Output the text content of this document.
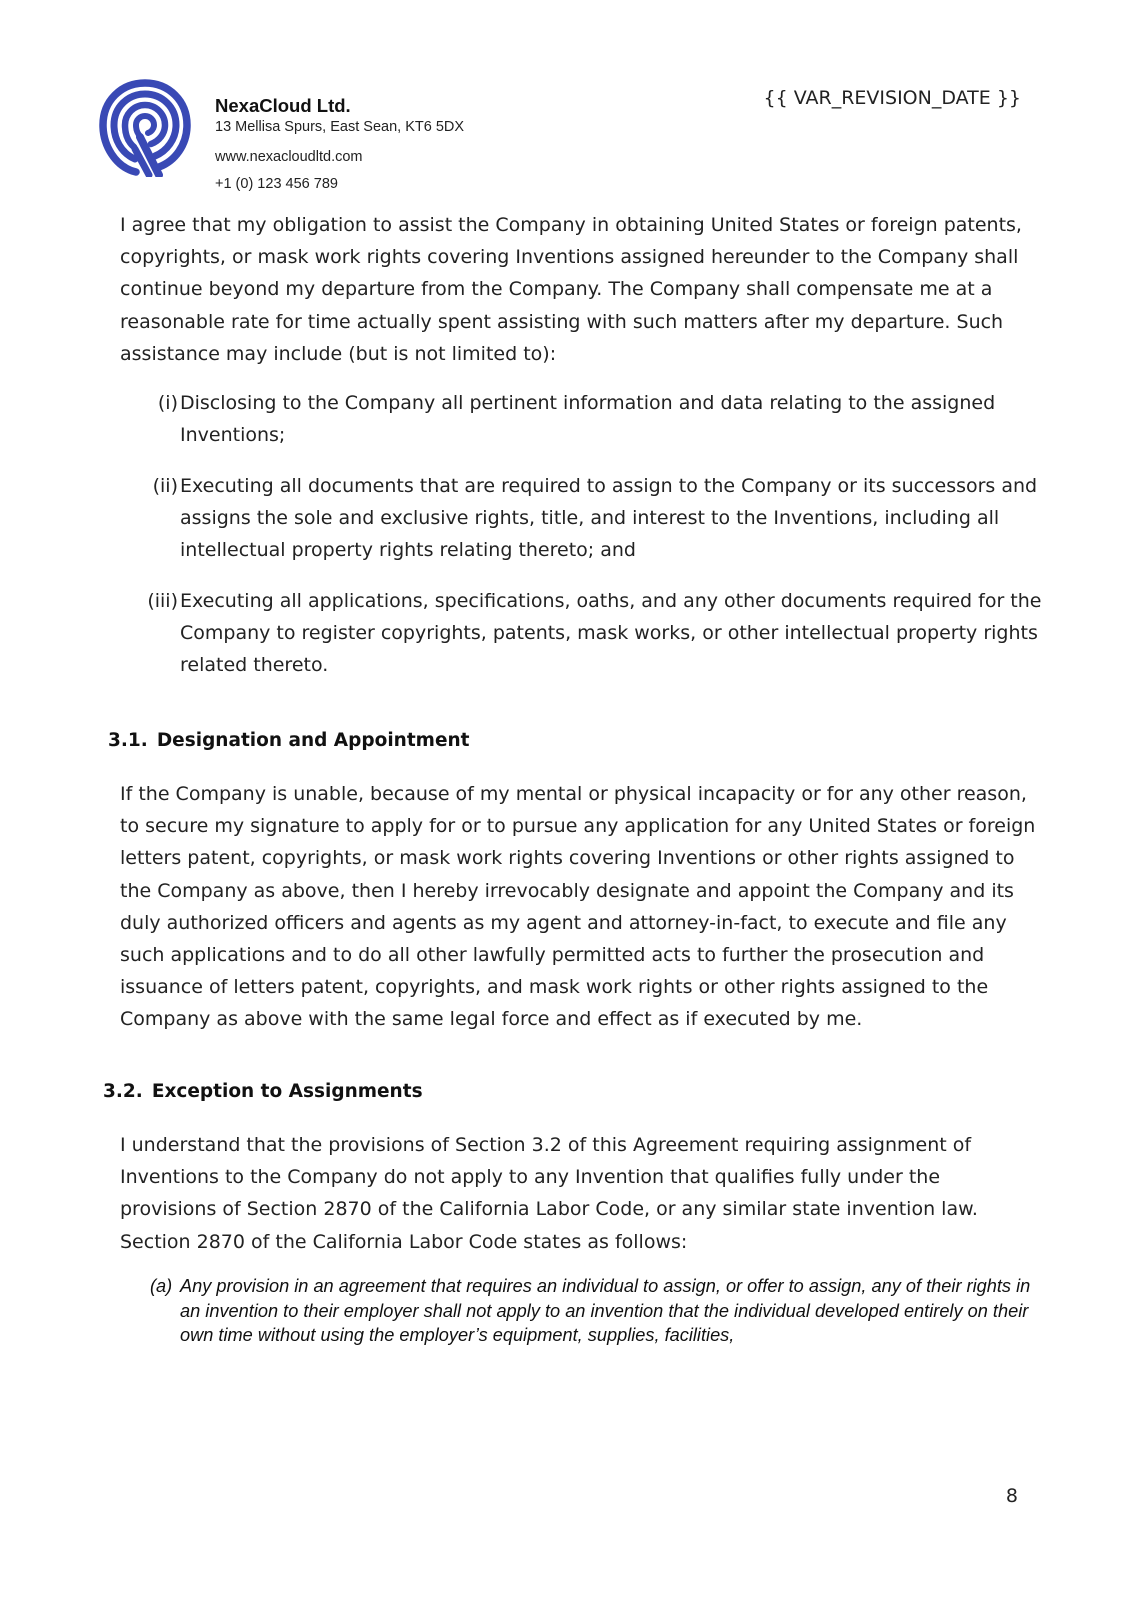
NexaCloud Ltd.
13 Mellisa Spurs, East Sean, KT6 5DX
www.nexacloudltd.com
+1 (0) 123 456 789
{{ VAR_REVISION_DATE }}

I agree that my obligation to assist the Company in obtaining United States or foreign patents, copyrights, or mask work rights covering Inventions assigned hereunder to the Company shall continue beyond my departure from the Company. The Company shall compensate me at a reasonable rate for time actually spent assisting with such matters after my departure. Such assistance may include (but is not limited to):

(i) Disclosing to the Company all pertinent information and data relating to the assigned Inventions;
(ii) Executing all documents that are required to assign to the Company or its successors and assigns the sole and exclusive rights, title, and interest to the Inventions, including all intellectual property rights relating thereto; and
(iii) Executing all applications, specifications, oaths, and any other documents required for the Company to register copyrights, patents, mask works, or other intellectual property rights related thereto.
3.1. Designation and Appointment

If the Company is unable, because of my mental or physical incapacity or for any other reason, to secure my signature to apply for or to pursue any application for any United States or foreign letters patent, copyrights, or mask work rights covering Inventions or other rights assigned to the Company as above, then I hereby irrevocably designate and appoint the Company and its duly authorized officers and agents as my agent and attorney-in-fact, to execute and file any such applications and to do all other lawfully permitted acts to further the prosecution and issuance of letters patent, copyrights, and mask work rights or other rights assigned to the Company as above with the same legal force and effect as if executed by me.

3.2. Exception to Assignments

I understand that the provisions of Section 3.2 of this Agreement requiring assignment of Inventions to the Company do not apply to any Invention that qualifies fully under the provisions of Section 2870 of the California Labor Code, or any similar state invention law. Section 2870 of the California Labor Code states as follows:

(a) Any provision in an agreement that requires an individual to assign, or offer to assign, any of their rights in an invention to their employer shall not apply to an invention that the individual developed entirely on their own time without using the employer’s equipment, supplies, facilities,
8
